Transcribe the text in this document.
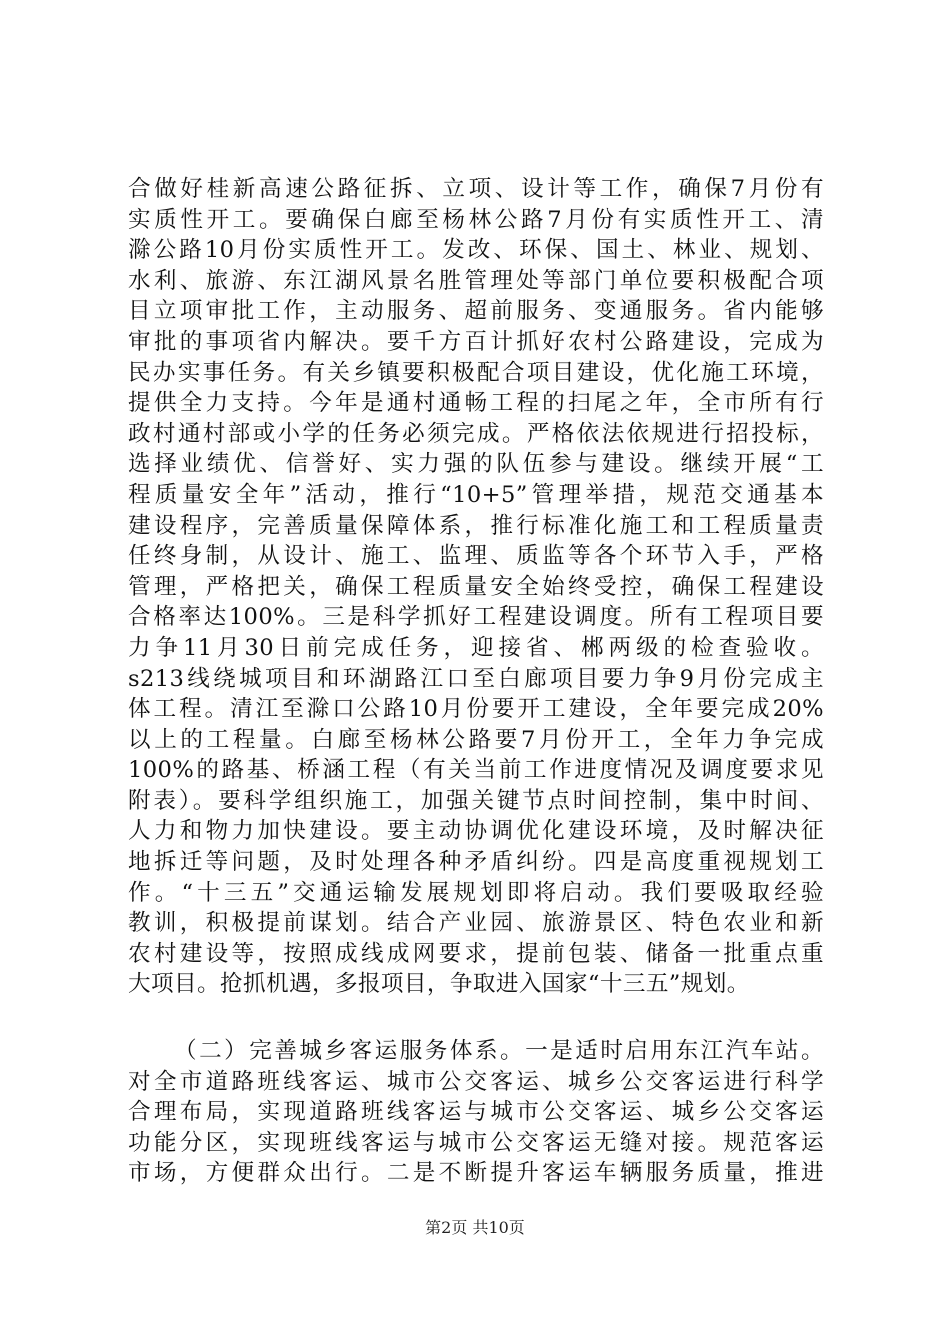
合做好桂新高速公路征拆、立项、设计等工作，确保7月份有
实质性开工。要确保白廊至杨林公路7月份有实质性开工、清
滁公路10月份实质性开工。发改、环保、国土、林业、规划、
水利、旅游、东江湖风景名胜管理处等部门单位要积极配合项
目立项审批工作，主动服务、超前服务、变通服务。省内能够
审批的事项省内解决。要千方百计抓好农村公路建设，完成为
民办实事任务。有关乡镇要积极配合项目建设，优化施工环境，
提供全力支持。今年是通村通畅工程的扫尾之年，全市所有行
政村通村部或小学的任务必须完成。严格依法依规进行招投标，
选择业绩优、信誉好、实力强的队伍参与建设。继续开展“工
程质量安全年”活动，推行“10+5”管理举措，规范交通基本
建设程序，完善质量保障体系，推行标准化施工和工程质量责
任终身制，从设计、施工、监理、质监等各个环节入手，严格
管理，严格把关，确保工程质量安全始终受控，确保工程建设
合格率达100%。三是科学抓好工程建设调度。所有工程项目要
力争11月30日前完成任务，迎接省、郴两级的检查验收。
s213线绕城项目和环湖路江口至白廊项目要力争9月份完成主
体工程。清江至滁口公路10月份要开工建设，全年要完成20%
以上的工程量。白廊至杨林公路要7月份开工，全年力争完成
100%的路基、桥涵工程（有关当前工作进度情况及调度要求见
附表）。要科学组织施工，加强关键节点时间控制，集中时间、
人力和物力加快建设。要主动协调优化建设环境，及时解决征
地拆迁等问题，及时处理各种矛盾纠纷。四是高度重视规划工
作。“十三五”交通运输发展规划即将启动。我们要吸取经验
教训，积极提前谋划。结合产业园、旅游景区、特色农业和新
农村建设等，按照成线成网要求，提前包装、储备一批重点重
大项目。抢抓机遇，多报项目，争取进入国家“十三五”规划。
（二）完善城乡客运服务体系。一是适时启用东江汽车站。
对全市道路班线客运、城市公交客运、城乡公交客运进行科学
合理布局，实现道路班线客运与城市公交客运、城乡公交客运
功能分区，实现班线客运与城市公交客运无缝对接。规范客运
市场，方便群众出行。二是不断提升客运车辆服务质量，推进
第2页 共10页
